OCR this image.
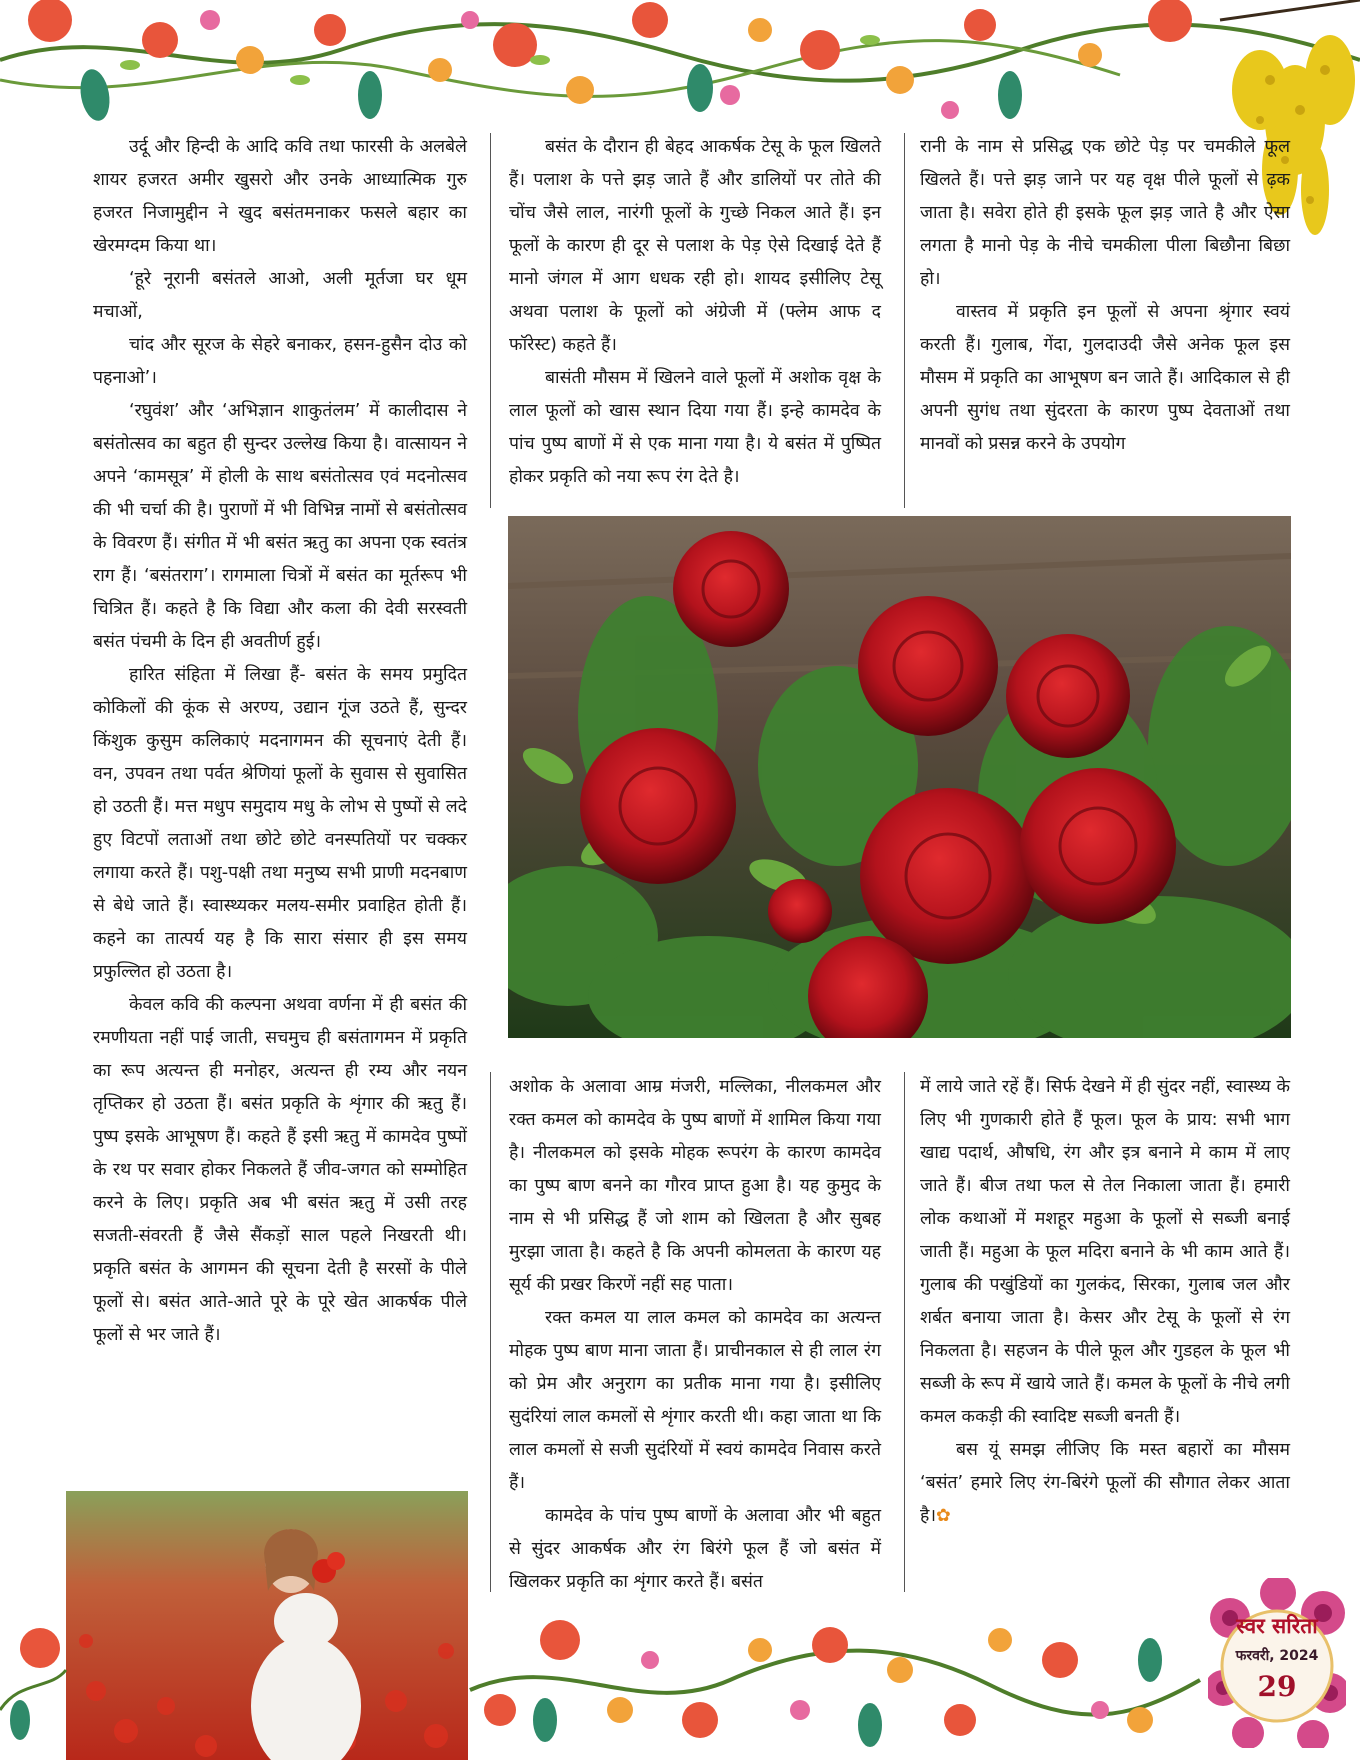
उर्दू और हिन्दी के आदि कवि तथा फारसी के अलबेले शायर हजरत अमीर खुसरो और उनके आध्यात्मिक गुरु हजरत निजामुद्दीन ने खुद बसंतमनाकर फसले बहार का खेरमग्दम किया था।

‘हूरे नूरानी बसंतले आओ, अली मूर्तजा घर धूम मचाओं,

चांद और सूरज के सेहरे बनाकर, हसन-हुसैन दोउ को पहनाओ’।

‘रघुवंश’ और ‘अभिज्ञान शाकुतंलम’ में कालीदास ने बसंतोत्सव का बहुत ही सुन्दर उल्लेख किया है। वात्सायन ने अपने ‘कामसूत्र’ में होली के साथ बसंतोत्सव एवं मदनोत्सव की भी चर्चा की है। पुराणों में भी विभिन्न नामों से बसंतोत्सव के विवरण हैं। संगीत में भी बसंत ऋतु का अपना एक स्वतंत्र राग हैं। ‘बसंतराग’। रागमाला चित्रों में बसंत का मूर्तरूप भी चित्रित हैं। कहते है कि विद्या और कला की देवी सरस्वती बसंत पंचमी के दिन ही अवतीर्ण हुई।

हारित संहिता में लिखा हैं- बसंत के समय प्रमुदित कोकिलों की कूंक से अरण्य, उद्यान गूंज उठते हैं, सुन्दर किंशुक कुसुम कलिकाएं मदनागमन की सूचनाएं देती हैं। वन, उपवन तथा पर्वत श्रेणियां फूलों के सुवास से सुवासित हो उठती हैं। मत्त मधुप समुदाय मधु के लोभ से पुष्पों से लदे हुए विटपों लताओं तथा छोटे छोटे वनस्पतियों पर चक्कर लगाया करते हैं। पशु-पक्षी तथा मनुष्य सभी प्राणी मदनबाण से बेधे जाते हैं। स्वास्थ्यकर मलय-समीर प्रवाहित होती हैं। कहने का तात्पर्य यह है कि सारा संसार ही इस समय प्रफुल्लित हो उठता है।

केवल कवि की कल्पना अथवा वर्णना में ही बसंत की रमणीयता नहीं पाई जाती, सचमुच ही बसंतागमन में प्रकृति का रूप अत्यन्त ही मनोहर, अत्यन्त ही रम्य और नयन तृप्तिकर हो उठता हैं। बसंत प्रकृति के शृंगार की ऋतु हैं। पुष्प इसके आभूषण हैं। कहते हैं इसी ऋतु में कामदेव पुष्पों के रथ पर सवार होकर निकलते हैं जीव-जगत को सम्मोहित करने के लिए। प्रकृति अब भी बसंत ऋतु में उसी तरह सजती-संवरती हैं जैसे सैंकड़ों साल पहले निखरती थी। प्रकृति बसंत के आगमन की सूचना देती है सरसों के पीले फूलों से। बसंत आते-आते पूरे के पूरे खेत आकर्षक पीले फूलों से भर जाते हैं।

बसंत के दौरान ही बेहद आकर्षक टेसू के फूल खिलते हैं। पलाश के पत्ते झड़ जाते हैं और डालियों पर तोते की चोंच जैसे लाल, नारंगी फूलों के गुच्छे निकल आते हैं। इन फूलों के कारण ही दूर से पलाश के पेड़ ऐसे दिखाई देते हैं मानो जंगल में आग धधक रही हो। शायद इसीलिए टेसू अथवा पलाश के फूलों को अंग्रेजी में (फ्लेम आफ द फॉरेस्ट) कहते हैं।

बासंती मौसम में खिलने वाले फूलों में अशोक वृक्ष के लाल फूलों को खास स्थान दिया गया हैं। इन्हे कामदेव के पांच पुष्प बाणों में से एक माना गया है। ये बसंत में पुष्पित होकर प्रकृति को नया रूप रंग देते है।

रानी के नाम से प्रसिद्ध एक छोटे पेड़ पर चमकीले फूल खिलते हैं। पत्ते झड़ जाने पर यह वृक्ष पीले फूलों से ढ़क जाता है। सवेरा होते ही इसके फूल झड़ जाते है और ऐसा लगता है मानो पेड़ के नीचे चमकीला पीला बिछौना बिछा हो।

वास्तव में प्रकृति इन फूलों से अपना श्रृंगार स्वयं करती हैं। गुलाब, गेंदा, गुलदाउदी जैसे अनेक फूल इस मौसम में प्रकृति का आभूषण बन जाते हैं। आदिकाल से ही अपनी सुगंध तथा सुंदरता के कारण पुष्प देवताओं तथा मानवों को प्रसन्न करने के उपयोग

अशोक के अलावा आम्र मंजरी, मल्लिका, नीलकमल और रक्त कमल को कामदेव के पुष्प बाणों में शामिल किया गया है। नीलकमल को इसके मोहक रूपरंग के कारण कामदेव का पुष्प बाण बनने का गौरव प्राप्त हुआ है। यह कुमुद के नाम से भी प्रसिद्ध हैं जो शाम को खिलता है और सुबह मुरझा जाता है। कहते है कि अपनी कोमलता के कारण यह सूर्य की प्रखर किरणें नहीं सह पाता।

रक्त कमल या लाल कमल को कामदेव का अत्यन्त मोहक पुष्प बाण माना जाता हैं। प्राचीनकाल से ही लाल रंग को प्रेम और अनुराग का प्रतीक माना गया है। इसीलिए सुदंरियां लाल कमलों से शृंगार करती थी। कहा जाता था कि लाल कमलों से सजी सुदंरियों में स्वयं कामदेव निवास करते हैं।

कामदेव के पांच पुष्प बाणों के अलावा और भी बहुत से सुंदर आकर्षक और रंग बिरंगे फूल हैं जो बसंत में खिलकर प्रकृति का शृंगार करते हैं। बसंत

में लाये जाते रहें हैं। सिर्फ देखने में ही सुंदर नहीं, स्वास्थ्य के लिए भी गुणकारी होते हैं फूल। फूल के प्राय: सभी भाग खाद्य पदार्थ, औषधि, रंग और इत्र बनाने मे काम में लाए जाते हैं। बीज तथा फल से तेल निकाला जाता हैं। हमारी लोक कथाओं में मशहूर महुआ के फूलों से सब्जी बनाई जाती हैं। महुआ के फूल मदिरा बनाने के भी काम आते हैं। गुलाब की पखुंडियों का गुलकंद, सिरका, गुलाब जल और शर्बत बनाया जाता है। केसर और टेसू के फूलों से रंग निकलता है। सहजन के पीले फूल और गुडहल के फूल भी सब्जी के रूप में खाये जाते हैं। कमल के फूलों के नीचे लगी कमल ककड़ी की स्वादिष्ट सब्जी बनती हैं।

बस यूं समझ लीजिए कि मस्त बहारों का मौसम ‘बसंत’ हमारे लिए रंग-बिरंगे फूलों की सौगात लेकर आता है।✿

स्वर सरिता
फरवरी, 2024
29
